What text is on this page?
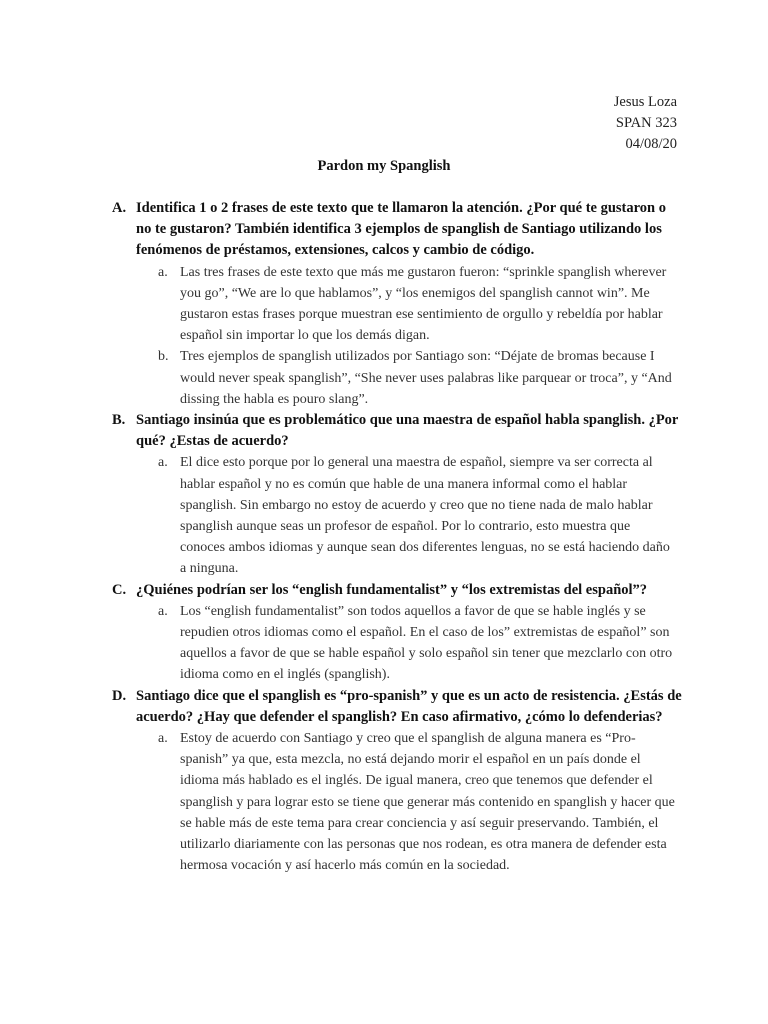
Jesus Loza
SPAN 323
04/08/20
Pardon my Spanglish

A. Identifica 1 o 2 frases de este texto que te llamaron la atención. ¿Por qué te gustaron o no te gustaron? También identifica 3 ejemplos de spanglish de Santiago utilizando los fenómenos de préstamos, extensiones, calcos y cambio de código.

a. Las tres frases de este texto que más me gustaron fueron: “sprinkle spanglish wherever you go”, “We are lo que hablamos”, y “los enemigos del spanglish cannot win”. Me gustaron estas frases porque muestran ese sentimiento de orgullo y rebeldía por hablar español sin importar lo que los demás digan.
b. Tres ejemplos de spanglish utilizados por Santiago son: “Déjate de bromas because I would never speak spanglish”, “She never uses palabras like parquear or troca”, y “And dissing the habla es pouro slang”.

B. Santiago insinúa que es problemático que una maestra de español habla spanglish. ¿Por qué? ¿Estas de acuerdo?

a. El dice esto porque por lo general una maestra de español, siempre va ser correcta al hablar español y no es común que hable de una manera informal como el hablar spanglish. Sin embargo no estoy de acuerdo y creo que no tiene nada de malo hablar spanglish aunque seas un profesor de español. Por lo contrario, esto muestra que conoces ambos idiomas y aunque sean dos diferentes lenguas, no se está haciendo daño a ninguna.

C. ¿Quiénes podrían ser los “english fundamentalist” y “los extremistas del español”?

a. Los “english fundamentalist” son todos aquellos a favor de que se hable inglés y se repudien otros idiomas como el español. En el caso de los” extremistas de español” son aquellos a favor de que se hable español y solo español sin tener que mezclarlo con otro idioma como en el inglés (spanglish).

D. Santiago dice que el spanglish es “pro-spanish” y que es un acto de resistencia. ¿Estás de acuerdo? ¿Hay que defender el spanglish? En caso afirmativo, ¿cómo lo defenderias?

a. Estoy de acuerdo con Santiago y creo que el spanglish de alguna manera es “Pro-spanish” ya que, esta mezcla, no está dejando morir el español en un país donde el idioma más hablado es el inglés. De igual manera, creo que tenemos que defender el spanglish y para lograr esto se tiene que generar más contenido en spanglish y hacer que se hable más de este tema para crear conciencia y así seguir preservando. También, el utilizarlo diariamente con las personas que nos rodean, es otra manera de defender esta hermosa vocación y así hacerlo más común en la sociedad.
